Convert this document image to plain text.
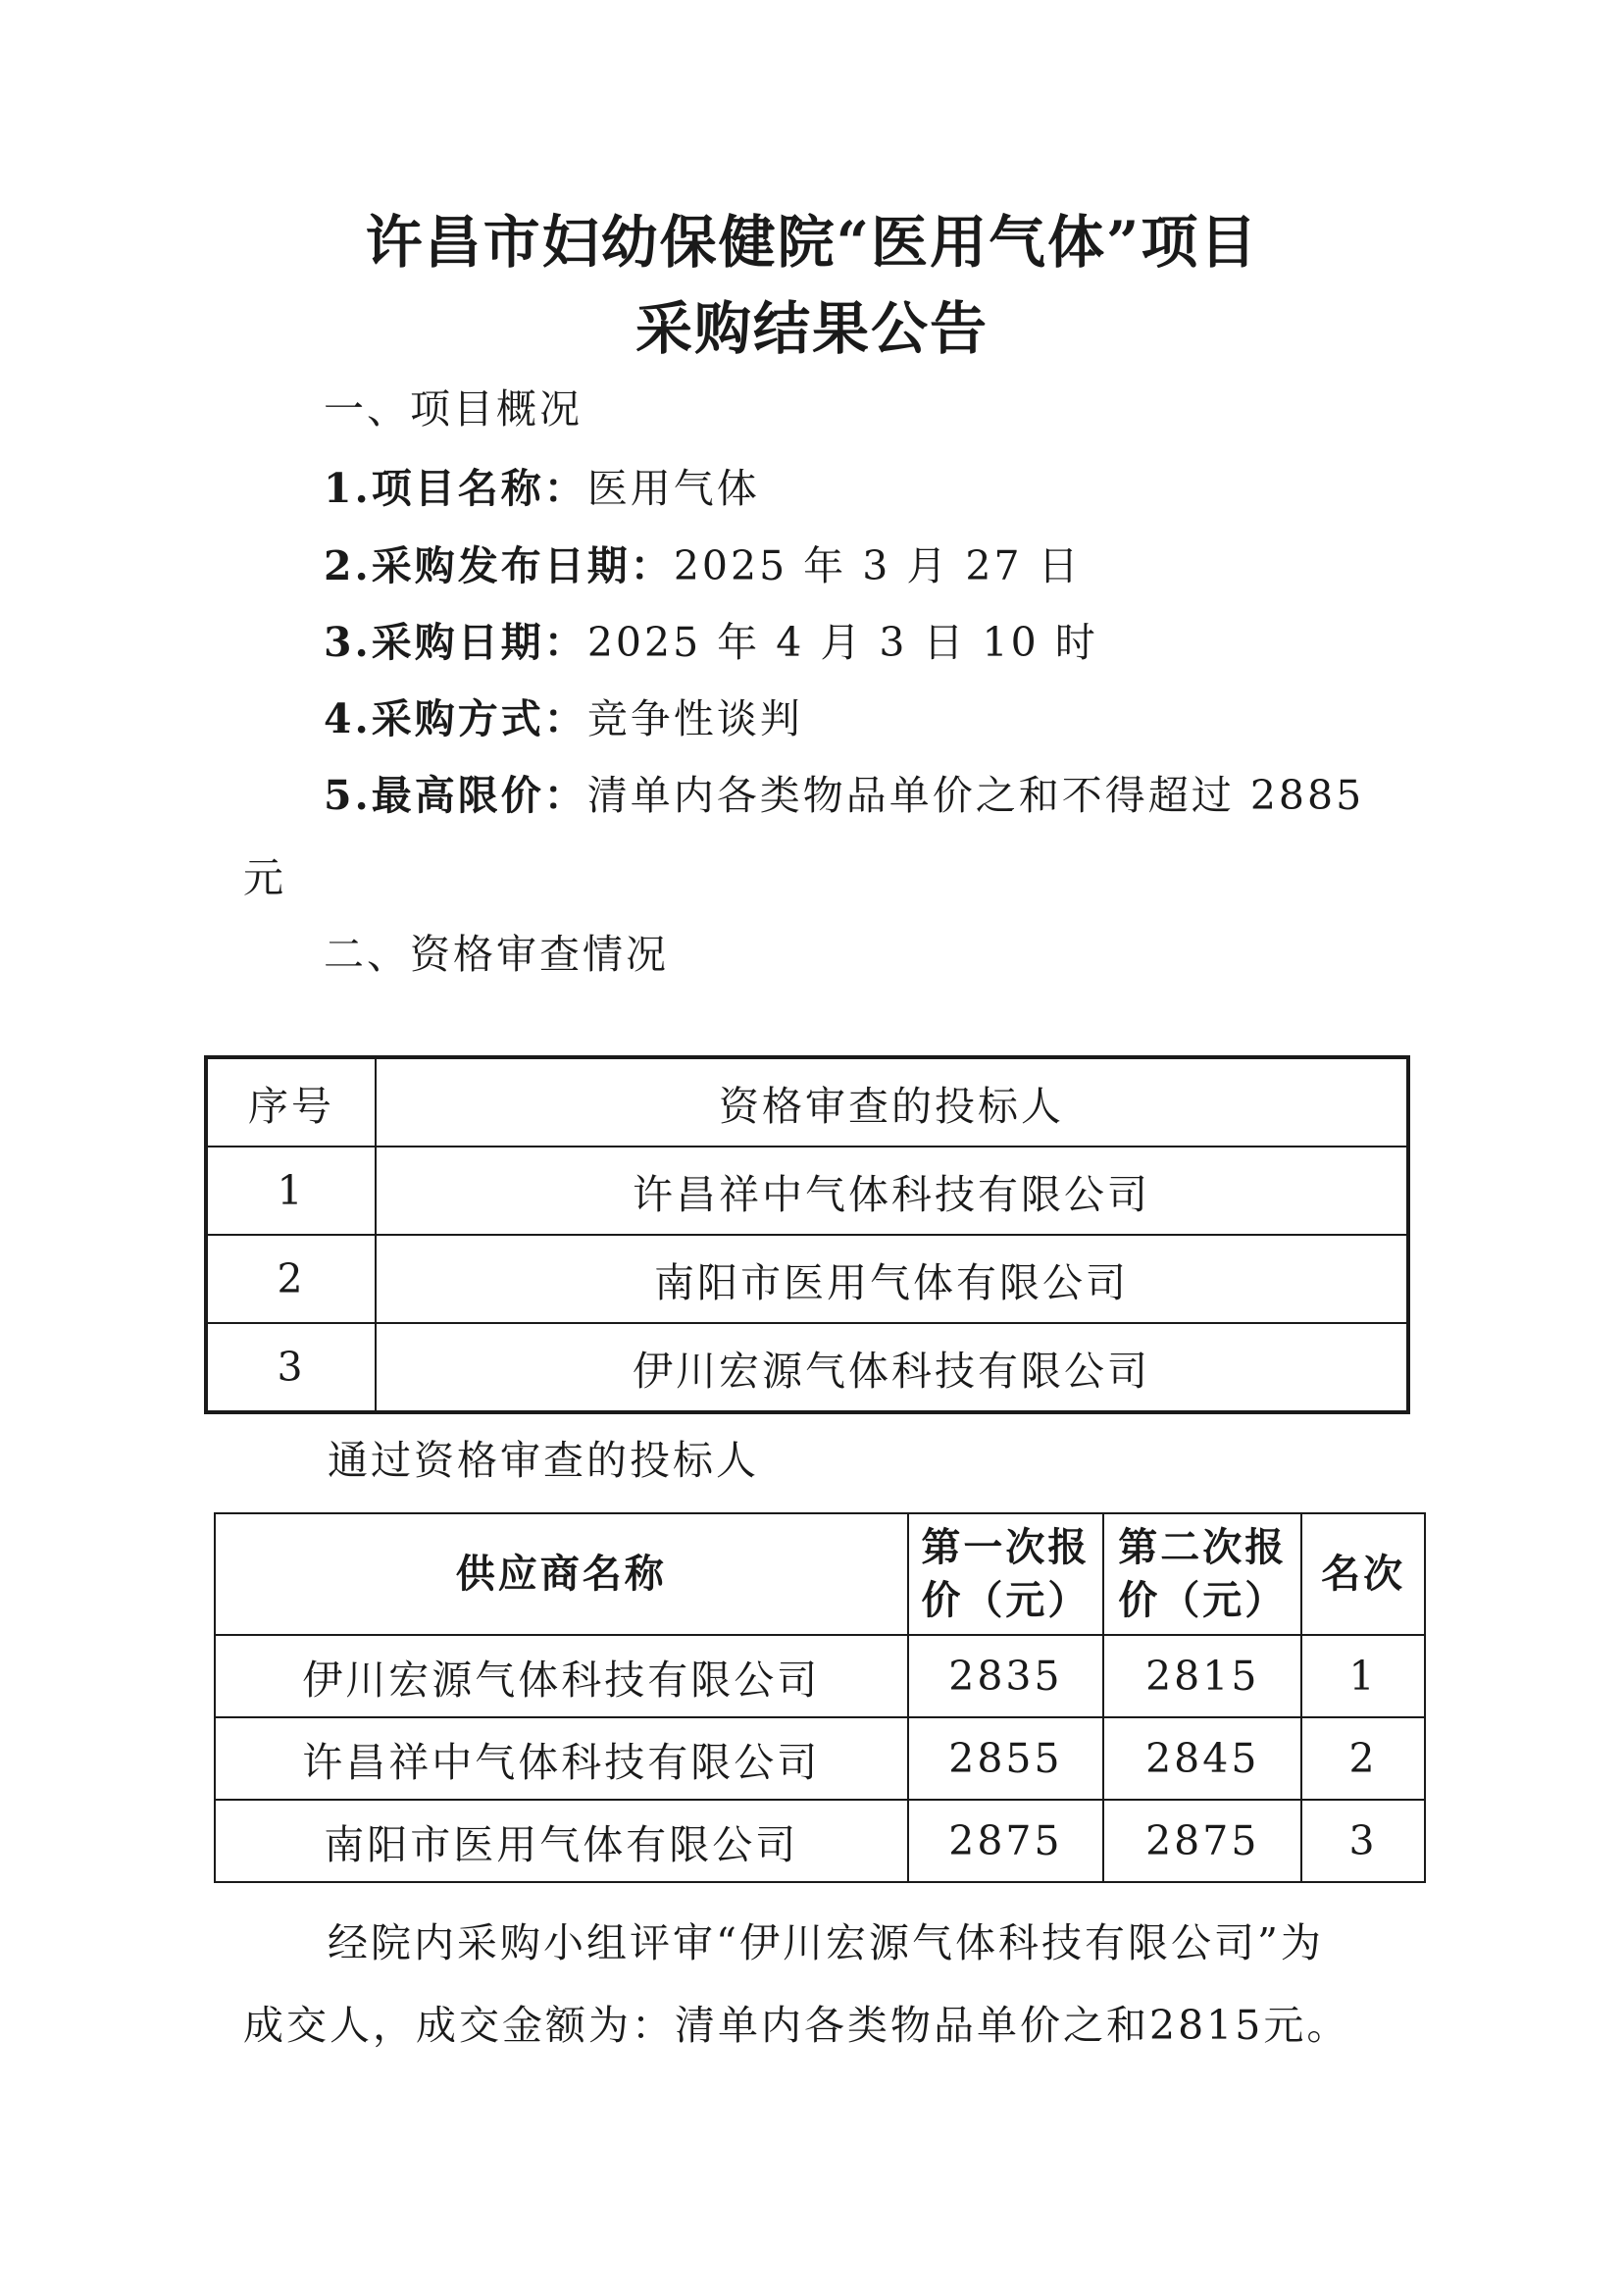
许昌市妇幼保健院“医用气体”项目
采购结果公告
一、项目概况
1.项目名称：医用气体
2.采购发布日期：2025 年 3 月 27 日
3.采购日期：2025 年 4 月 3 日 10 时
4.采购方式：竞争性谈判
5.最高限价：清单内各类物品单价之和不得超过 2885
元
二、资格审查情况
序号	资格审查的投标人
1	许昌祥中气体科技有限公司
2	南阳市医用气体有限公司
3	伊川宏源气体科技有限公司
通过资格审查的投标人
供应商名称	第一次报价（元）	第二次报价（元）	名次
伊川宏源气体科技有限公司	2835	2815	1
许昌祥中气体科技有限公司	2855	2845	2
南阳市医用气体有限公司	2875	2875	3
经院内采购小组评审“伊川宏源气体科技有限公司”为
成交人，成交金额为：清单内各类物品单价之和2815元。
